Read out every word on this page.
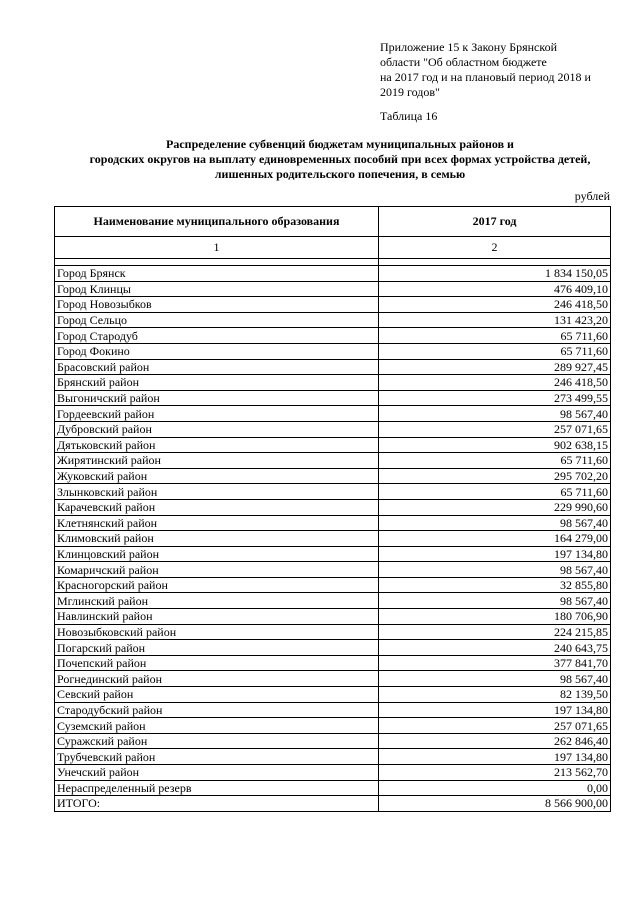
Приложение 15 к Закону Брянской
области "Об областном бюджете
на 2017 год и на плановый период 2018 и
2019 годов"
Таблица 16
Распределение субвенций бюджетам муниципальных районов и
городских округов на выплату единовременных пособий при всех формах устройства детей,
лишенных родительского попечения, в семью
рублей
Наименование муниципального образования	2017 год
1	2

Город Брянск	1 834 150,05
Город Клинцы	476 409,10
Город Новозыбков	246 418,50
Город Сельцо	131 423,20
Город Стародуб	65 711,60
Город Фокино	65 711,60
Брасовский район	289 927,45
Брянский район	246 418,50
Выгоничский район	273 499,55
Гордеевский район	98 567,40
Дубровский район	257 071,65
Дятьковский район	902 638,15
Жирятинский район	65 711,60
Жуковский район	295 702,20
Злынковский район	65 711,60
Карачевский район	229 990,60
Клетнянский район	98 567,40
Климовский район	164 279,00
Клинцовский район	197 134,80
Комаричский район	98 567,40
Красногорский район	32 855,80
Мглинский район	98 567,40
Навлинский район	180 706,90
Новозыбковский район	224 215,85
Погарский район	240 643,75
Почепский район	377 841,70
Рогнединский район	98 567,40
Севский район	82 139,50
Стародубский район	197 134,80
Суземский район	257 071,65
Суражский район	262 846,40
Трубчевский район	197 134,80
Унечский район	213 562,70
Нераспределенный резерв	0,00
ИТОГО:	8 566 900,00
